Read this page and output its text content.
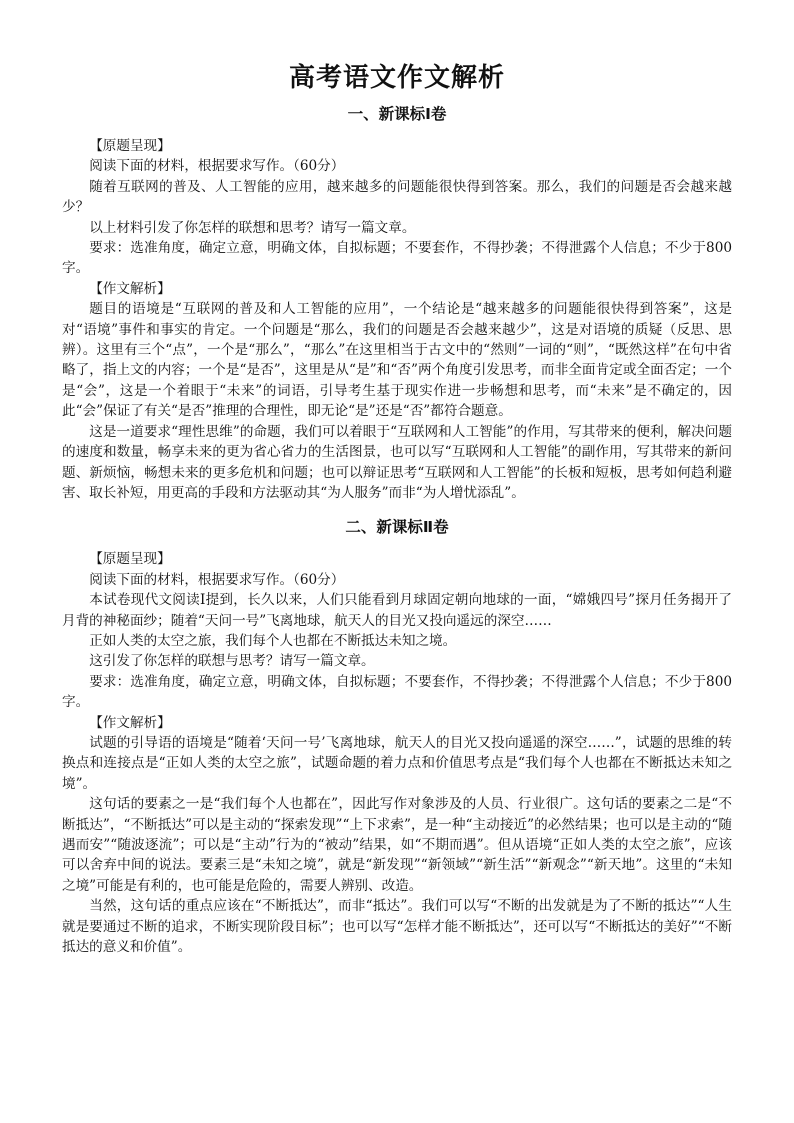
高考语文作文解析
一、新课标Ⅰ卷

【原题呈现】

阅读下面的材料，根据要求写作。（60分）

随着互联网的普及、人工智能的应用，越来越多的问题能很快得到答案。那么，我们的问题是否会越来越少？

以上材料引发了你怎样的联想和思考？请写一篇文章。

要求：选准角度，确定立意，明确文体，自拟标题；不要套作，不得抄袭；不得泄露个人信息；不少于800字。

【作文解析】

题目的语境是“互联网的普及和人工智能的应用”，一个结论是“越来越多的问题能很快得到答案”，这是对“语境”事件和事实的肯定。一个问题是“那么，我们的问题是否会越来越少”，这是对语境的质疑（反思、思辨）。这里有三个“点”，一个是“那么”，“那么”在这里相当于古文中的“然则”一词的“则”，“既然这样”在句中省略了，指上文的内容；一个是“是否”，这里是从“是”和“否”两个角度引发思考，而非全面肯定或全面否定；一个是“会”，这是一个着眼于“未来”的词语，引导考生基于现实作进一步畅想和思考，而“未来”是不确定的，因此“会”保证了有关“是否”推理的合理性，即无论“是”还是“否”都符合题意。

这是一道要求“理性思维”的命题，我们可以着眼于“互联网和人工智能”的作用，写其带来的便利，解决问题的速度和数量，畅享未来的更为省心省力的生活图景，也可以写“互联网和人工智能”的副作用，写其带来的新问题、新烦恼，畅想未来的更多危机和问题；也可以辩证思考“互联网和人工智能”的长板和短板，思考如何趋利避害、取长补短，用更高的手段和方法驱动其“为人服务”而非“为人增忧添乱”。

二、新课标Ⅱ卷

【原题呈现】

阅读下面的材料，根据要求写作。（60分）

本试卷现代文阅读Ⅰ提到，长久以来，人们只能看到月球固定朝向地球的一面，“嫦娥四号”探月任务揭开了月背的神秘面纱；随着“天问一号”飞离地球，航天人的目光又投向遥远的深空……

正如人类的太空之旅，我们每个人也都在不断抵达未知之境。

这引发了你怎样的联想与思考？请写一篇文章。

要求：选准角度，确定立意，明确文体，自拟标题；不要套作，不得抄袭；不得泄露个人信息；不少于800字。

【作文解析】

试题的引导语的语境是“随着‘天问一号’飞离地球，航天人的目光又投向遥遥的深空……”，试题的思维的转换点和连接点是“正如人类的太空之旅”，试题命题的着力点和价值思考点是“我们每个人也都在不断抵达未知之境”。

这句话的要素之一是“我们每个人也都在”，因此写作对象涉及的人员、行业很广。这句话的要素之二是“不断抵达”，“不断抵达”可以是主动的“探索发现”“上下求索”，是一种“主动接近”的必然结果；也可以是主动的“随遇而安”“随波逐流”；可以是“主动”行为的“被动”结果，如“不期而遇”。但从语境“正如人类的太空之旅”，应该可以舍弃中间的说法。要素三是“未知之境”，就是“新发现”“新领域”“新生活”“新观念”“新天地”。这里的“未知之境”可能是有利的，也可能是危险的，需要人辨别、改造。

当然，这句话的重点应该在“不断抵达”，而非“抵达”。我们可以写“不断的出发就是为了不断的抵达”“人生就是要通过不断的追求，不断实现阶段目标”；也可以写“怎样才能不断抵达”，还可以写“不断抵达的美好”“不断抵达的意义和价值”。
